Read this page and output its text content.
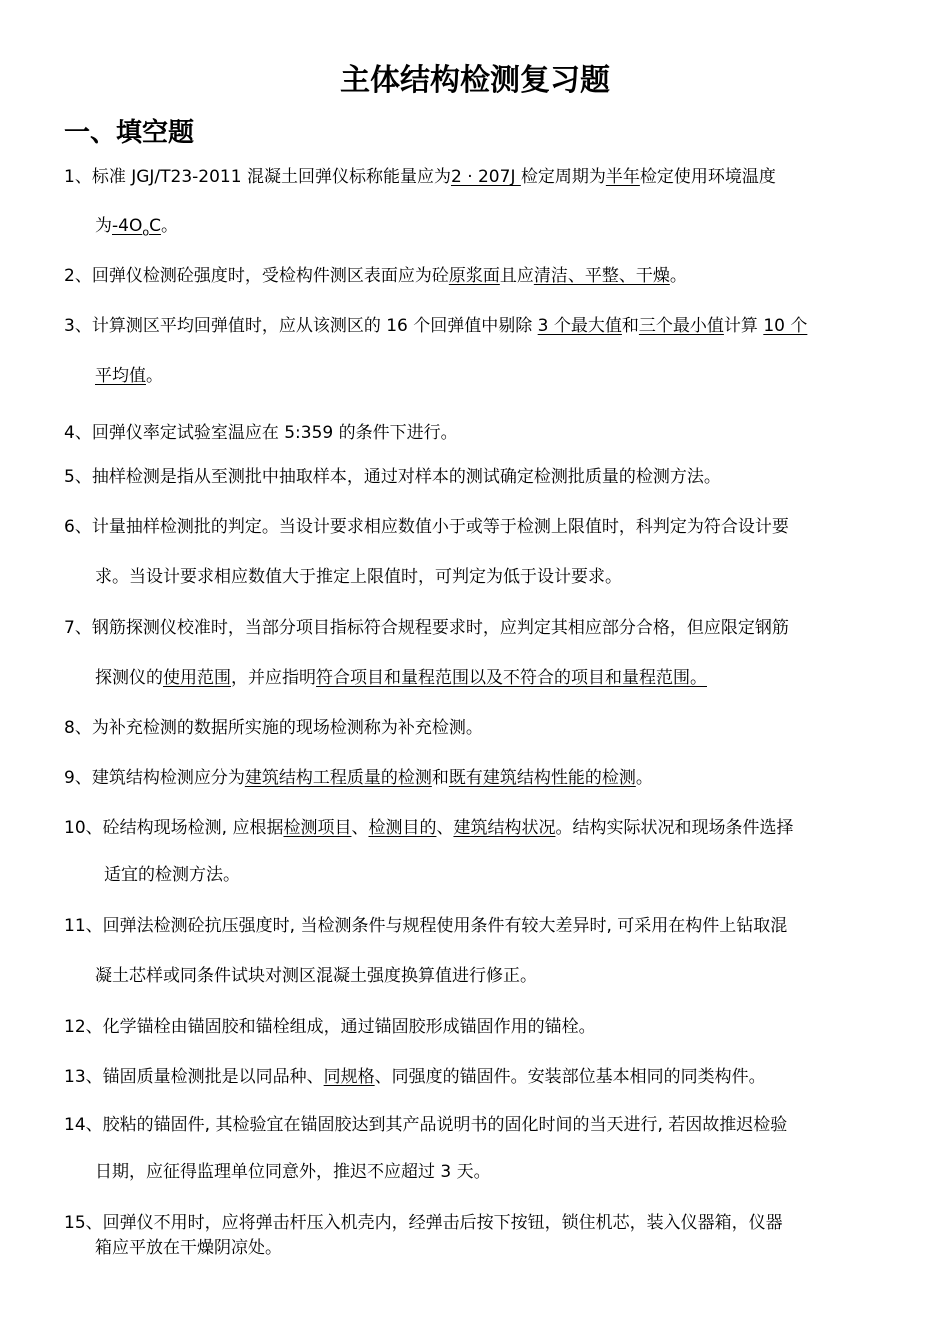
主体结构检测复习题
一、填空题
1、标准 JGJ/T23-2011 混凝土回弹仪标称能量应为2 · 207J 检定周期为半年检定使用环境温度
为$-4O_oC$。
2、回弹仪检测砼强度时，受检构件测区表面应为砼原浆面且应清洁、平整、干燥。
3、计算测区平均回弹值时，应从该测区的 16 个回弹值中剔除 3 个最大值和三个最小值计算 10 个
平均值。
4、回弹仪率定试验室温应在 5:359 的条件下进行。
5、抽样检测是指从至测批中抽取样本，通过对样本的测试确定检测批质量的检测方法。
6、计量抽样检测批的判定。当设计要求相应数值小于或等于检测上限值时，科判定为符合设计要
求。当设计要求相应数值大于推定上限值时，可判定为低于设计要求。
7、钢筋探测仪校准时，当部分项目指标符合规程要求时，应判定其相应部分合格，但应限定钢筋
探测仪的使用范围，并应指明符合项目和量程范围以及不符合的项目和量程范围。
8、为补充检测的数据所实施的现场检测称为补充检测。
9、建筑结构检测应分为建筑结构工程质量的检测和既有建筑结构性能的检测。
10、砼结构现场检测, 应根据检测项目、检测目的、建筑结构状况。结构实际状况和现场条件选择
适宜的检测方法。
11、回弹法检测砼抗压强度时, 当检测条件与规程使用条件有较大差异时, 可采用在构件上钻取混
凝土芯样或同条件试块对测区混凝土强度换算值进行修正。
12、化学锚栓由锚固胶和锚栓组成，通过锚固胶形成锚固作用的锚栓。
13、锚固质量检测批是以同品种、同规格、同强度的锚固件。安装部位基本相同的同类构件。
14、胶粘的锚固件, 其检验宜在锚固胶达到其产品说明书的固化时间的当天进行, 若因故推迟检验
日期，应征得监理单位同意外，推迟不应超过 3 天。
15、回弹仪不用时，应将弹击杆压入机壳内，经弹击后按下按钮，锁住机芯，装入仪器箱，仪器
箱应平放在干燥阴凉处。
